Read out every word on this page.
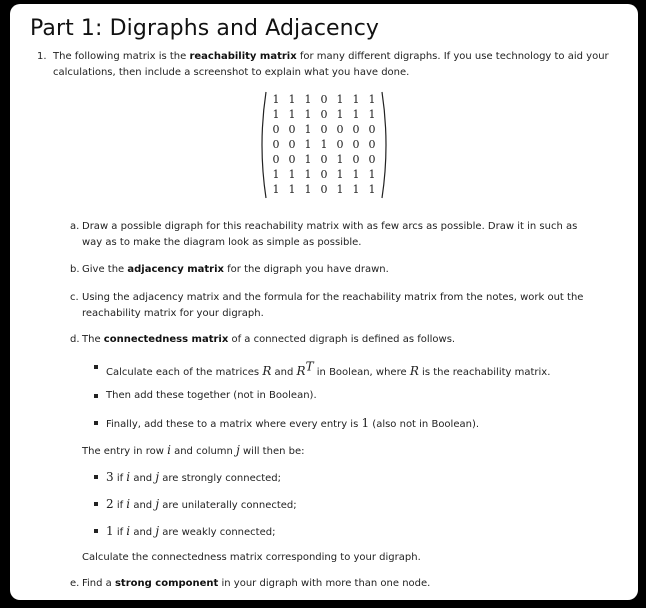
Part 1: Digraphs and Adjacency
1. The following matrix is the reachability matrix for many different digraphs. If you use technology to aid your calculations, then include a screenshot to explain what you have done.
1 1 1 0 1 1 1
1 1 1 0 1 1 1
0 0 1 0 0 0 0
0 0 1 1 0 0 0
0 0 1 0 1 0 0
1 1 1 0 1 1 1
1 1 1 0 1 1 1
a. Draw a possible digraph for this reachability matrix with as few arcs as possible. Draw it in such as way as to make the diagram look as simple as possible.
b. Give the adjacency matrix for the digraph you have drawn.
c. Using the adjacency matrix and the formula for the reachability matrix from the notes, work out the reachability matrix for your digraph.
d. The connectedness matrix of a connected digraph is defined as follows.
Calculate each of the matrices R and $R^T$ in Boolean, where R is the reachability matrix.
Then add these together (not in Boolean).
Finally, add these to a matrix where every entry is 1 (also not in Boolean).
The entry in row i and column j will then be:
3 if i and j are strongly connected;
2 if i and j are unilaterally connected;
1 if i and j are weakly connected;
Calculate the connectedness matrix corresponding to your digraph.
e. Find a strong component in your digraph with more than one node.
